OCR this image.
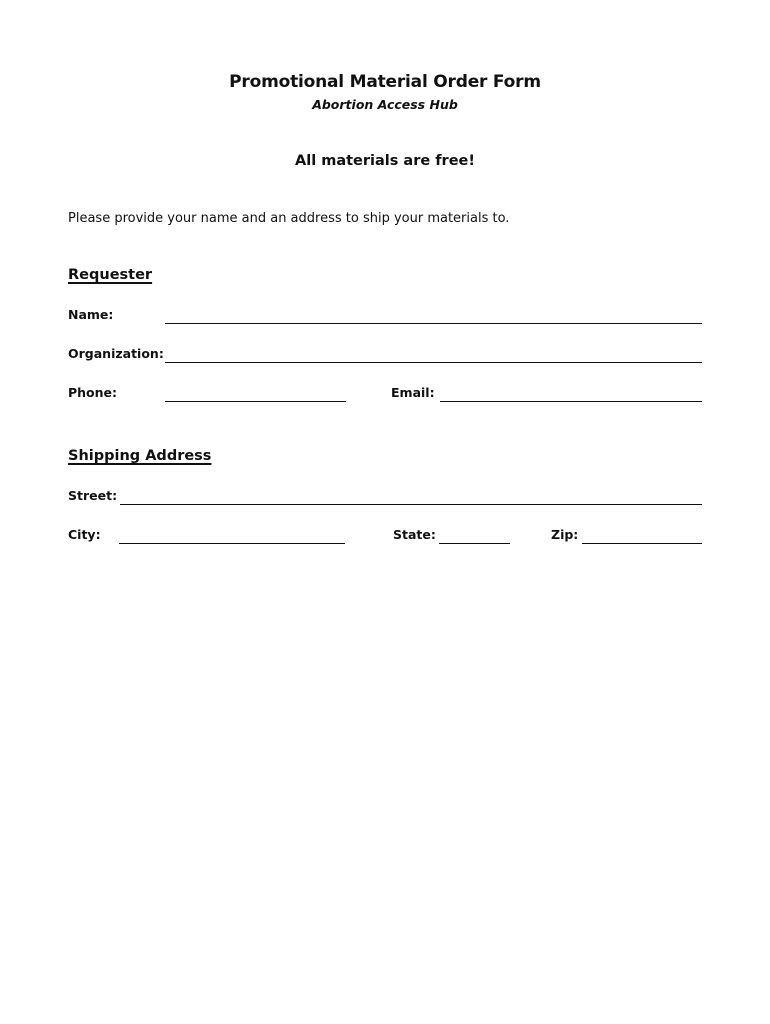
Promotional Material Order Form
Abortion Access Hub
All materials are free!
Please provide your name and an address to ship your materials to.
Requester
Name:
Organization:
Phone:	Email:
Shipping Address
Street:
City:	State:	Zip:
